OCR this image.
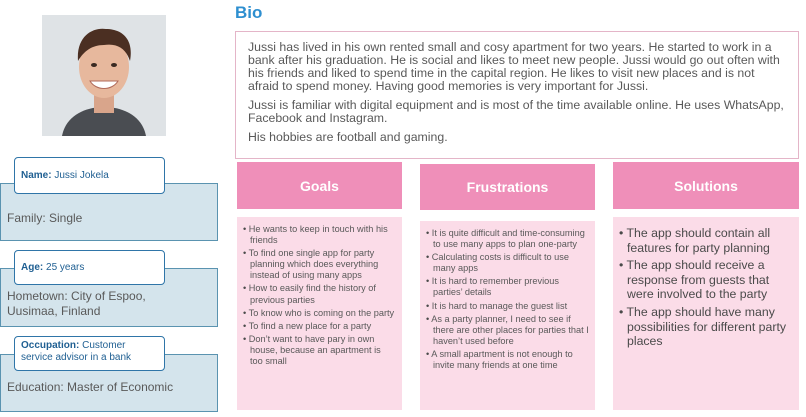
Family: Single
Name: Jussi Jokela
Hometown: City of Espoo,
Uusimaa, Finland
Age: 25 years
Education: Master of Economic
Occupation: Customer
service advisor in a bank
Bio

Jussi has lived in his own rented small and cosy apartment for two years. He started to work in a bank after his graduation. He is social and likes to meet new people. Jussi would go out often with his friends and liked to spend time in the capital region. He likes to visit new places and is not afraid to spend money. Having good memories is very important for Jussi.

Jussi is familiar with digital equipment and is most of the time available online. He uses WhatsApp, Facebook and Instagram.

His hobbies are football and gaming.

Goals
• He wants to keep in touch with his friends
• To find one single app for party planning which does everything instead of using many apps
• How to easily find the history of previous parties
• To know who is coming on the party
• To find a new place for a party
• Don’t want to have pary in own house, because an apartment is too small
Frustrations
• It is quite difficult and time-consuming to use many apps to plan one-party
• Calculating costs is difficult to use many apps
• It is hard to remember previous parties’ details
• It is hard to manage the guest list
• As a party planner, I need to see if there are other places for parties that I haven’t used before
• A small apartment is not enough to invite many friends at one time
Solutions
• The app should contain all features for party planning
• The app should receive a response from guests that were involved to the party
• The app should have many possibilities for different party places
